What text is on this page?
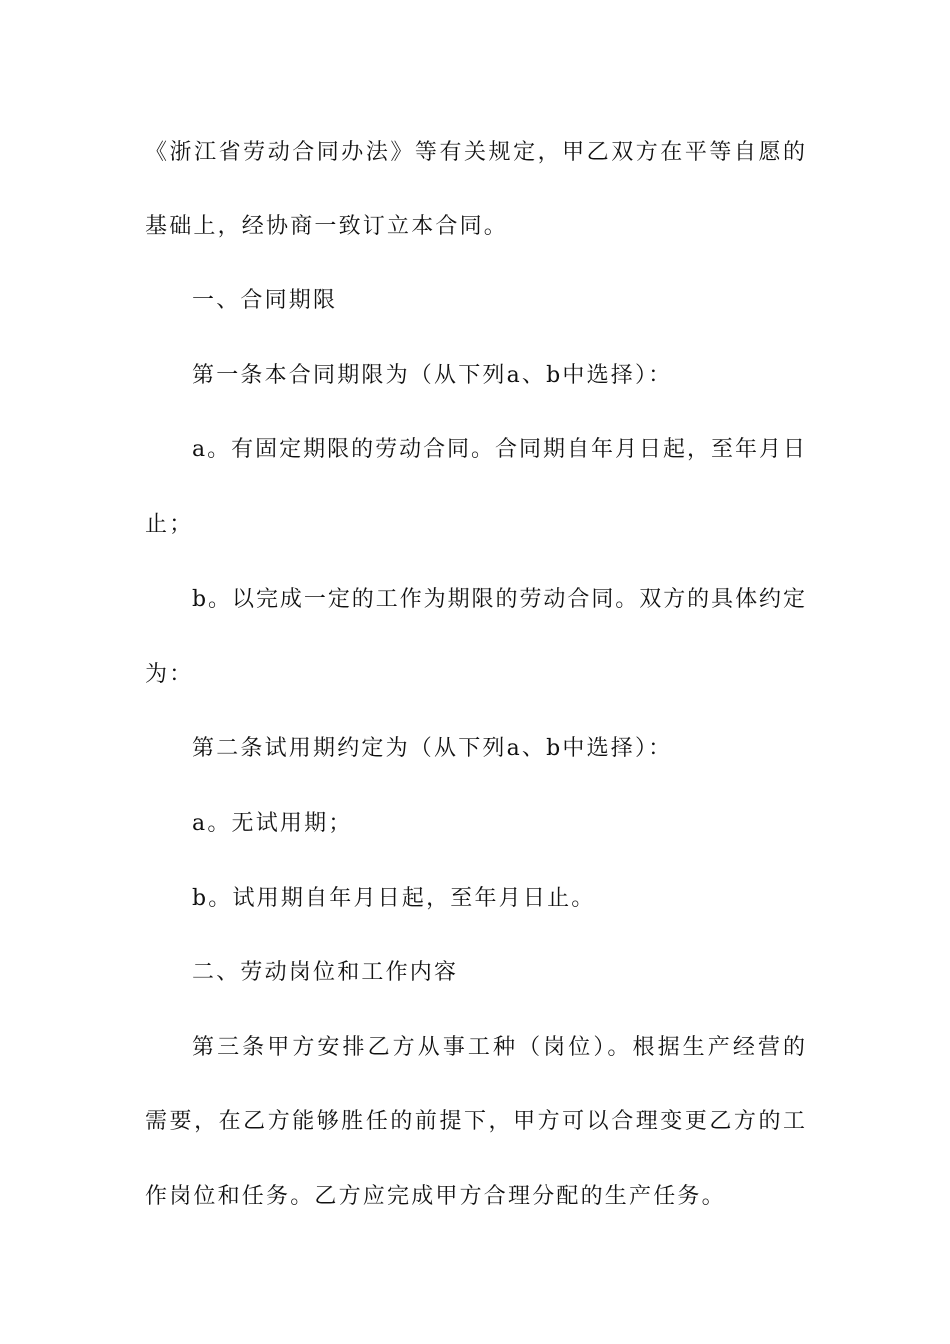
《浙江省劳动合同办法》等有关规定，甲乙双方在平等自愿的
基础上，经协商一致订立本合同。
一、合同期限
第一条本合同期限为（从下列a、b中选择）：
a。有固定期限的劳动合同。合同期自年月日起，至年月日
止；
b。以完成一定的工作为期限的劳动合同。双方的具体约定
为：
第二条试用期约定为（从下列a、b中选择）：
a。无试用期；
b。试用期自年月日起，至年月日止。
二、劳动岗位和工作内容
第三条甲方安排乙方从事工种（岗位）。根据生产经营的
需要，在乙方能够胜任的前提下，甲方可以合理变更乙方的工
作岗位和任务。乙方应完成甲方合理分配的生产任务。
